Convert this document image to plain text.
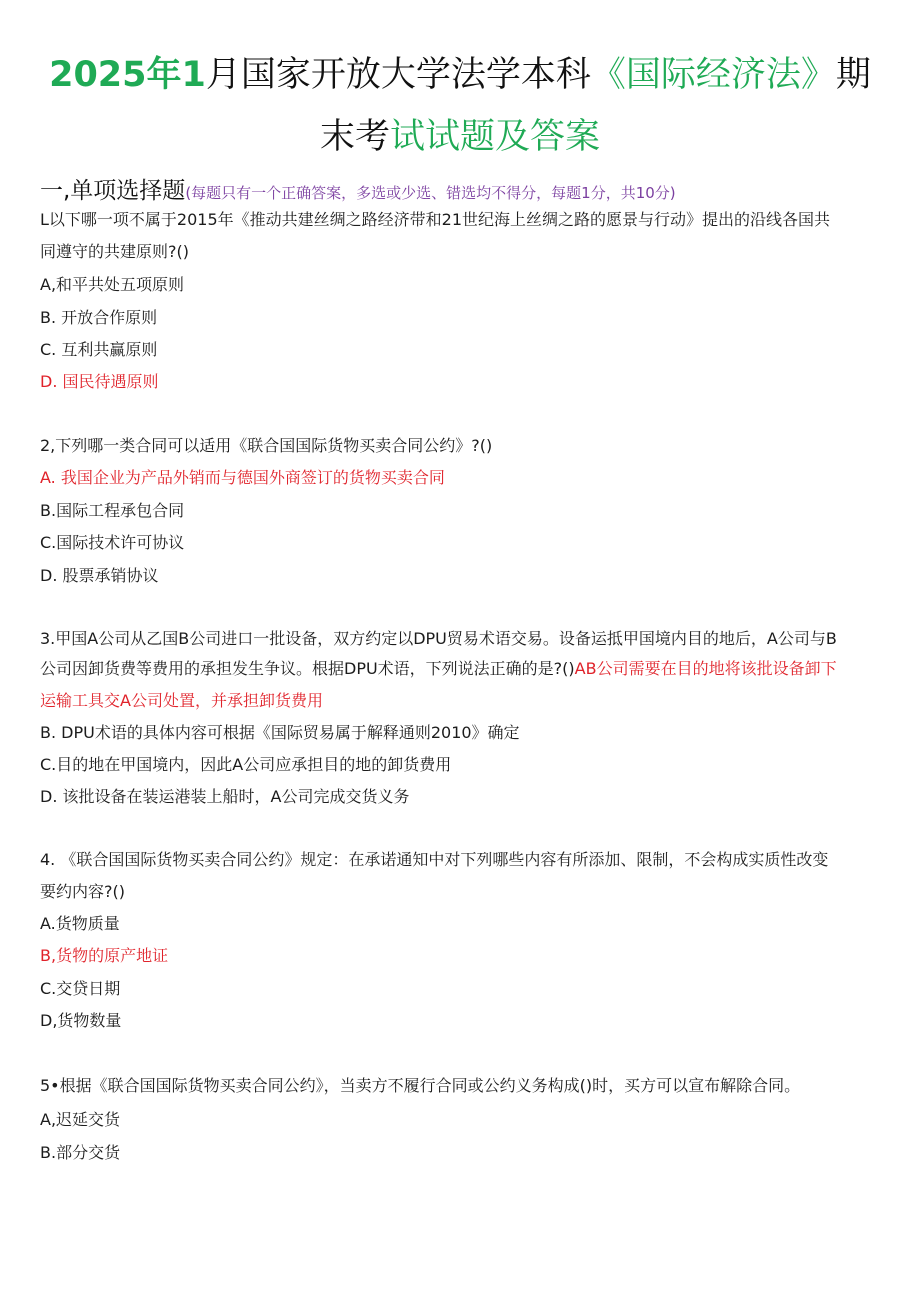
2025年1月国家开放大学法学本科《国际经济法》期
末考试试题及答案
一,单项选择题(每题只有一个正确答案，多选或少选、错选均不得分，每题1分，共10分)
L以下哪一项不属于2015年《推动共建丝绸之路经济带和21世纪海上丝绸之路的愿景与行动》提出的沿线各国共
同遵守的共建原则?()
A,和平共处五项原则
B. 开放合作原则
C. 互利共赢原则
D. 国民待遇原则
2,下列哪一类合同可以适用《联合国国际货物买卖合同公约》?()
A. 我国企业为产品外销而与德国外商签订的货物买卖合同
B.国际工程承包合同
C.国际技术许可协议
D. 股票承销协议
3.甲国A公司从乙国B公司进口一批设备，双方约定以DPU贸易术语交易。设备运抵甲国境内目的地后，A公司与B
公司因卸货费等费用的承担发生争议。根据DPU术语，下列说法正确的是?()AB公司需要在目的地将该批设备卸下
运输工具交A公司处置，并承担卸货费用
B. DPU术语的具体内容可根据《国际贸易属于解释通则2010》确定
C.目的地在甲国境内，因此A公司应承担目的地的卸货费用
D. 该批设备在装运港装上船时，A公司完成交货义务
4. 《联合国国际货物买卖合同公约》规定：在承诺通知中对下列哪些内容有所添加、限制，不会构成实质性改变
要约内容?()
A.货物质量
B,货物的原产地证
C.交贷日期
D,货物数量
5•根据《联合国国际货物买卖合同公约》，当卖方不履行合同或公约义务构成()时，买方可以宣布解除合同。
A,迟延交货
B.部分交货
